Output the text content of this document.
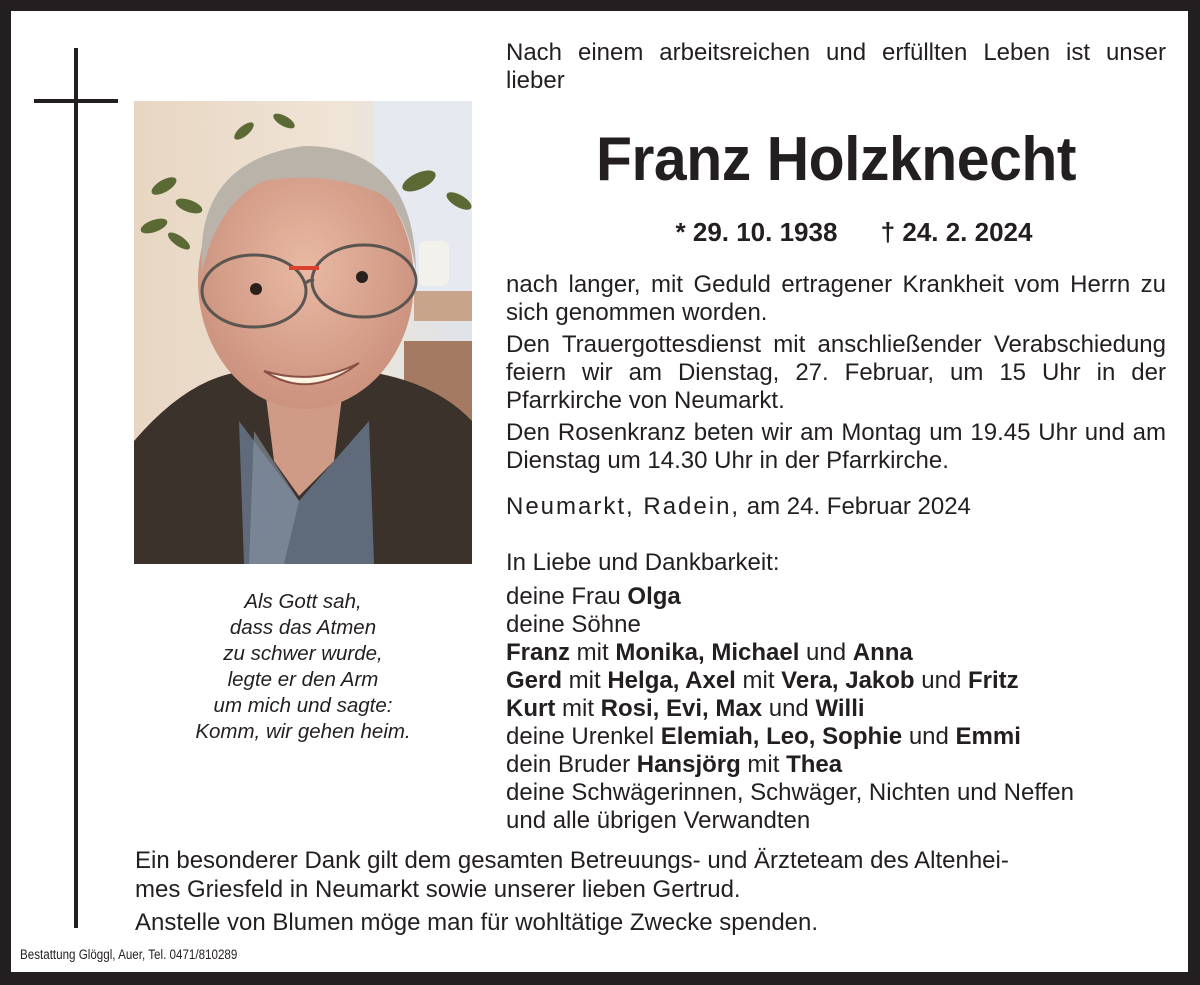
Als Gott sah,
dass das Atmen
zu schwer wurde,
legte er den Arm
um mich und sagte:
Komm, wir gehen heim.
Nach einem arbeitsreichen und erfüllten Leben ist unser lieber
Franz Holzknecht
* 29. 10. 1938 † 24. 2. 2024
nach langer, mit Geduld ertragener Krankheit vom Herrn zu sich genommen worden.
Den Trauergottesdienst mit anschließender Verabschiedung feiern wir am Dienstag, 27. Februar, um 15 Uhr in der Pfarrkirche von Neumarkt.
Den Rosenkranz beten wir am Montag um 19.45 Uhr und am Dienstag um 14.30 Uhr in der Pfarrkirche.
Neumarkt, Radein, am 24. Februar 2024
In Liebe und Dankbarkeit:
deine Frau Olga
deine Söhne
Franz mit Monika, Michael und Anna
Gerd mit Helga, Axel mit Vera, Jakob und Fritz
Kurt mit Rosi, Evi, Max und Willi
deine Urenkel Elemiah, Leo, Sophie und Emmi
dein Bruder Hansjörg mit Thea
deine Schwägerinnen, Schwäger, Nichten und Neffen
und alle übrigen Verwandten
Ein besonderer Dank gilt dem gesamten Betreuungs- und Ärzteteam des Altenhei-
mes Griesfeld in Neumarkt sowie unserer lieben Gertrud.
Anstelle von Blumen möge man für wohltätige Zwecke spenden.
Bestattung Glöggl, Auer, Tel. 0471/810289
